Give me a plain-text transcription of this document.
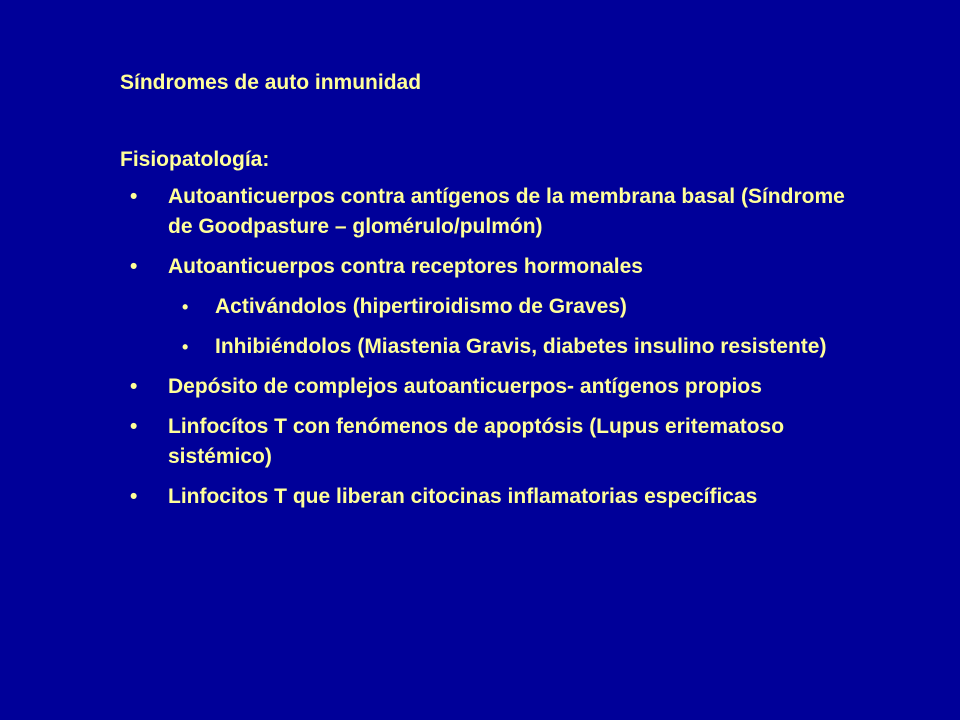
Síndromes de auto inmunidad
Fisiopatología:
• Autoanticuerpos contra antígenos de la membrana basal (Síndrome de Goodpasture – glomérulo/pulmón)
• Autoanticuerpos contra receptores hormonales
• Activándolos (hipertiroidismo de Graves)
• Inhibiéndolos (Miastenia Gravis, diabetes insulino resistente)
• Depósito de complejos autoanticuerpos- antígenos propios
• Linfocítos T con fenómenos de apoptósis (Lupus eritematoso sistémico)
• Linfocitos T que liberan citocinas inflamatorias específicas
